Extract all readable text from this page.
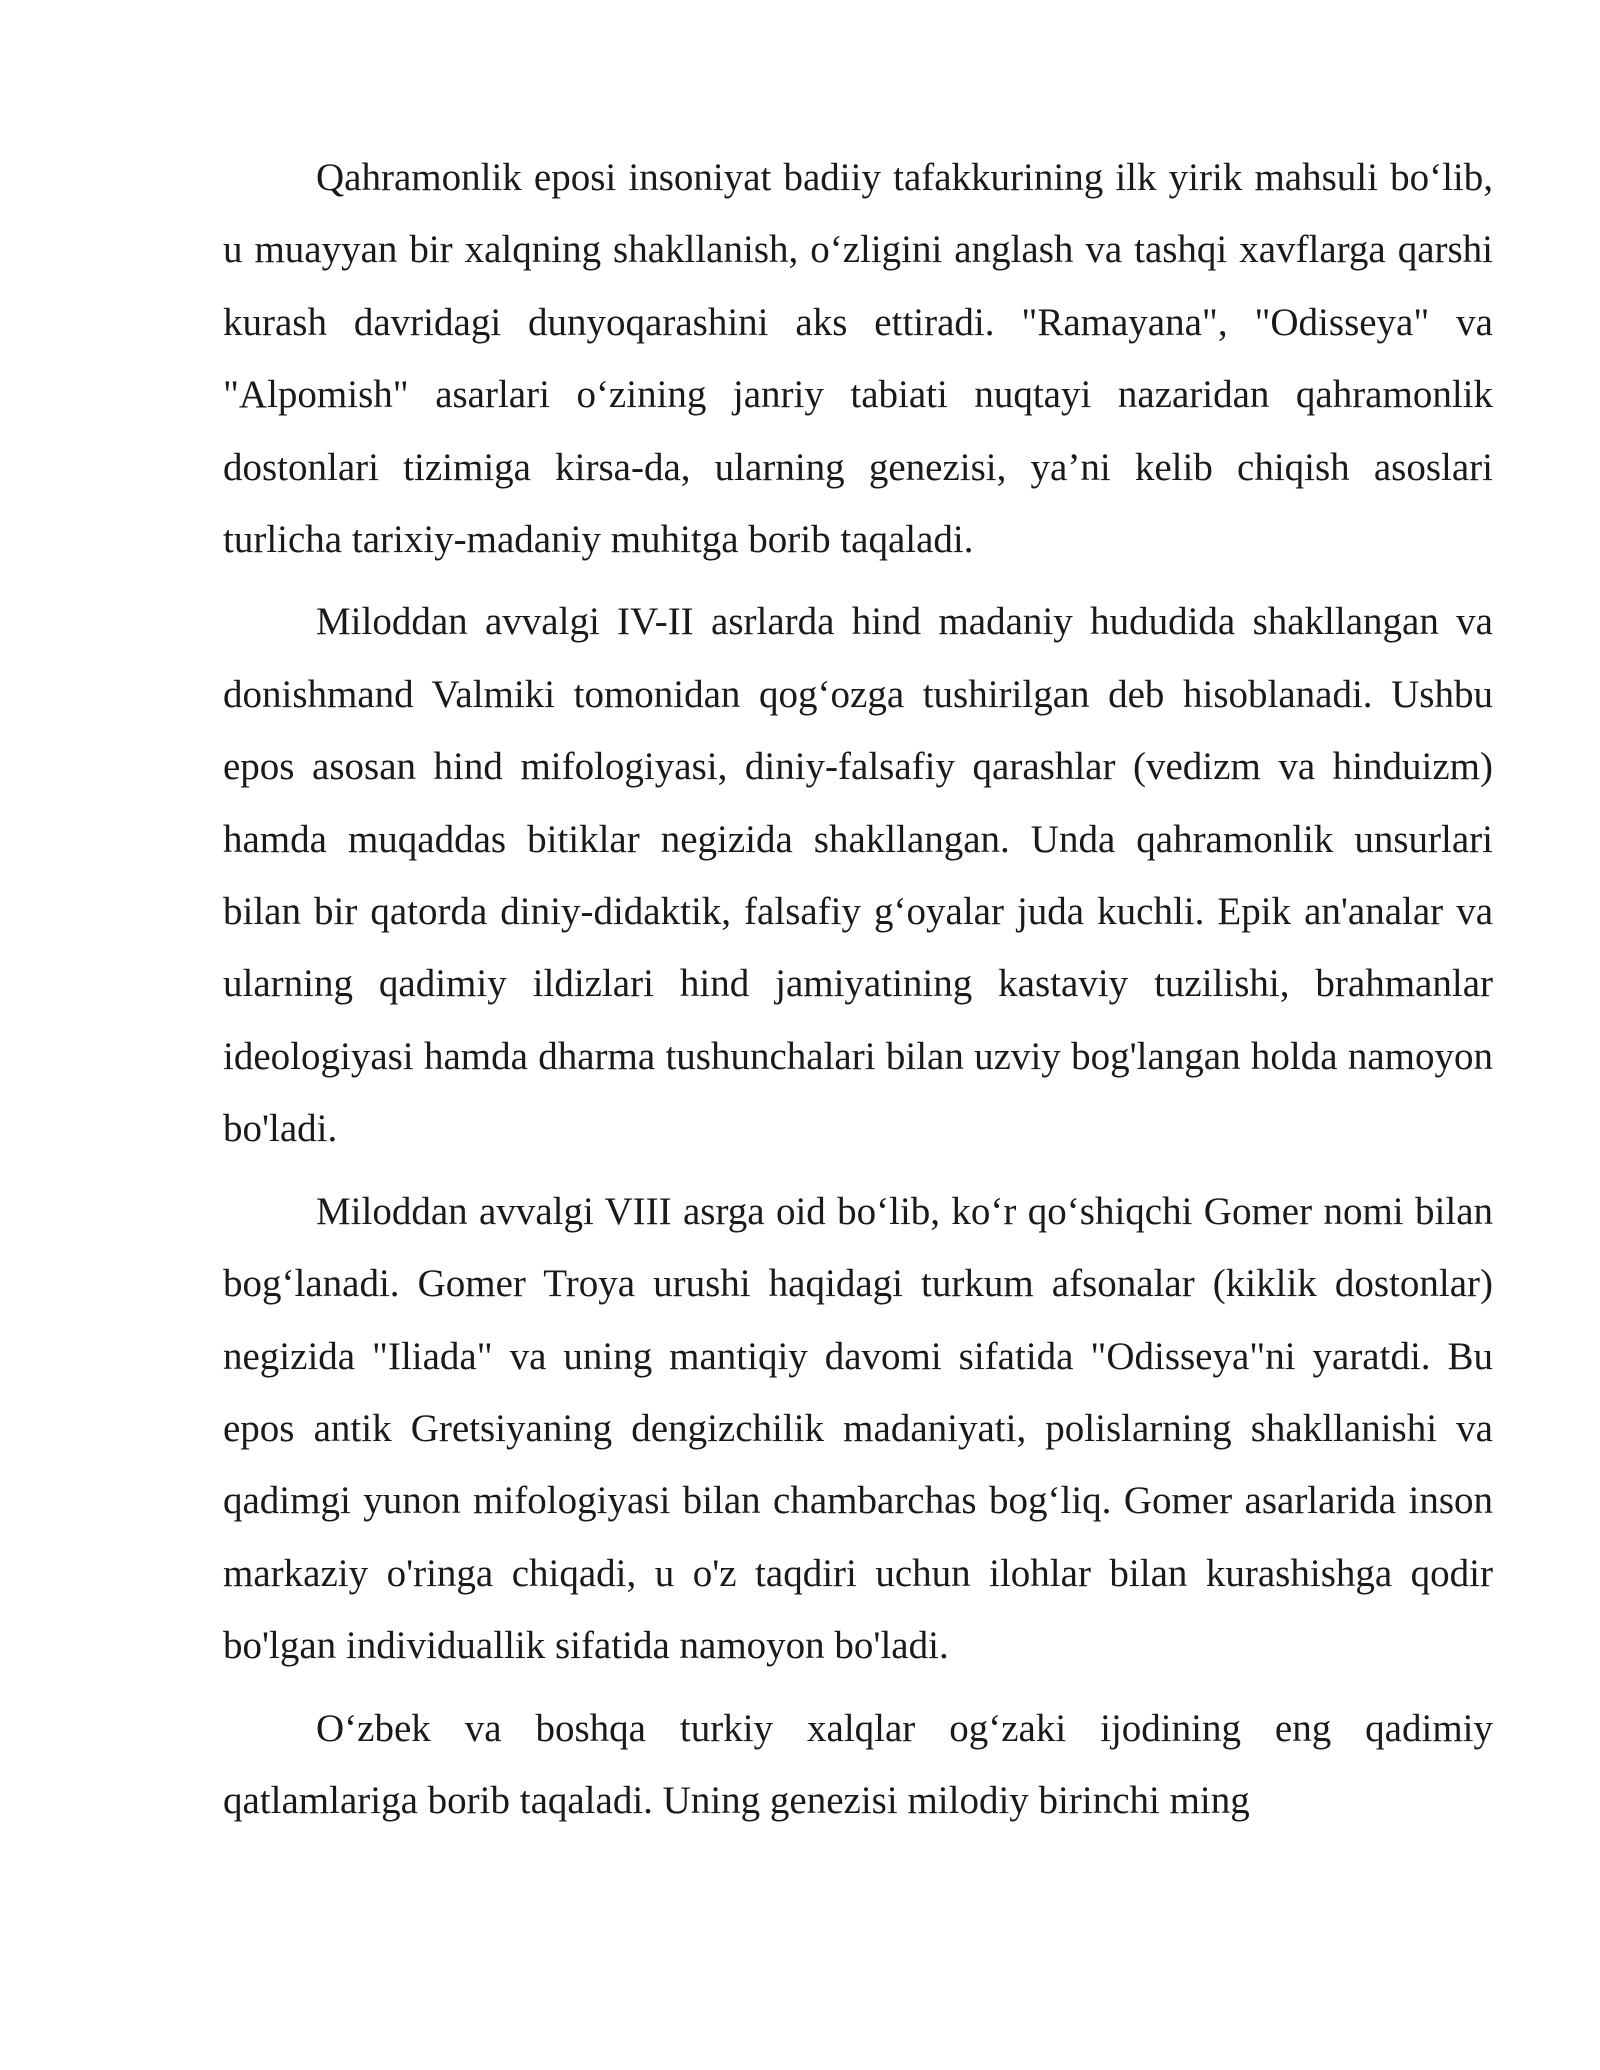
Qahramonlik eposi insoniyat badiiy tafakkurining ilk yirik mahsuli bo‘lib, u muayyan bir xalqning shakllanish, o‘zligini anglash va tashqi xavflarga qarshi kurash davridagi dunyoqarashini aks ettiradi. "Ramayana", "Odisseya" va "Alpomish" asarlari o‘zining janriy tabiati nuqtayi nazaridan qahramonlik dostonlari tizimiga kirsa-da, ularning genezisi, ya’ni kelib chiqish asoslari turlicha tarixiy-madaniy muhitga borib taqaladi.

Miloddan avvalgi IV-II asrlarda hind madaniy hududida shakllangan va donishmand Valmiki tomonidan qog‘ozga tushirilgan deb hisoblanadi. Ushbu epos asosan hind mifologiyasi, diniy-falsafiy qarashlar (vedizm va hinduizm) hamda muqaddas bitiklar negizida shakllangan. Unda qahramonlik unsurlari bilan bir qatorda diniy-didaktik, falsafiy g‘oyalar juda kuchli. Epik an'analar va ularning qadimiy ildizlari hind jamiyatining kastaviy tuzilishi, brahmanlar ideologiyasi hamda dharma tushunchalari bilan uzviy bog'langan holda namoyon bo'ladi.

Miloddan avvalgi VIII asrga oid bo‘lib, ko‘r qo‘shiqchi Gomer nomi bilan bog‘lanadi. Gomer Troya urushi haqidagi turkum afsonalar (kiklik dostonlar) negizida "Iliada" va uning mantiqiy davomi sifatida "Odisseya"ni yaratdi. Bu epos antik Gretsiyaning dengizchilik madaniyati, polislarning shakllanishi va qadimgi yunon mifologiyasi bilan chambarchas bog‘liq. Gomer asarlarida inson markaziy o'ringa chiqadi, u o'z taqdiri uchun ilohlar bilan kurashishga qodir bo'lgan individuallik sifatida namoyon bo'ladi.

O‘zbek va boshqa turkiy xalqlar og‘zaki ijodining eng qadimiy qatlamlariga borib taqaladi. Uning genezisi milodiy birinchi ming
